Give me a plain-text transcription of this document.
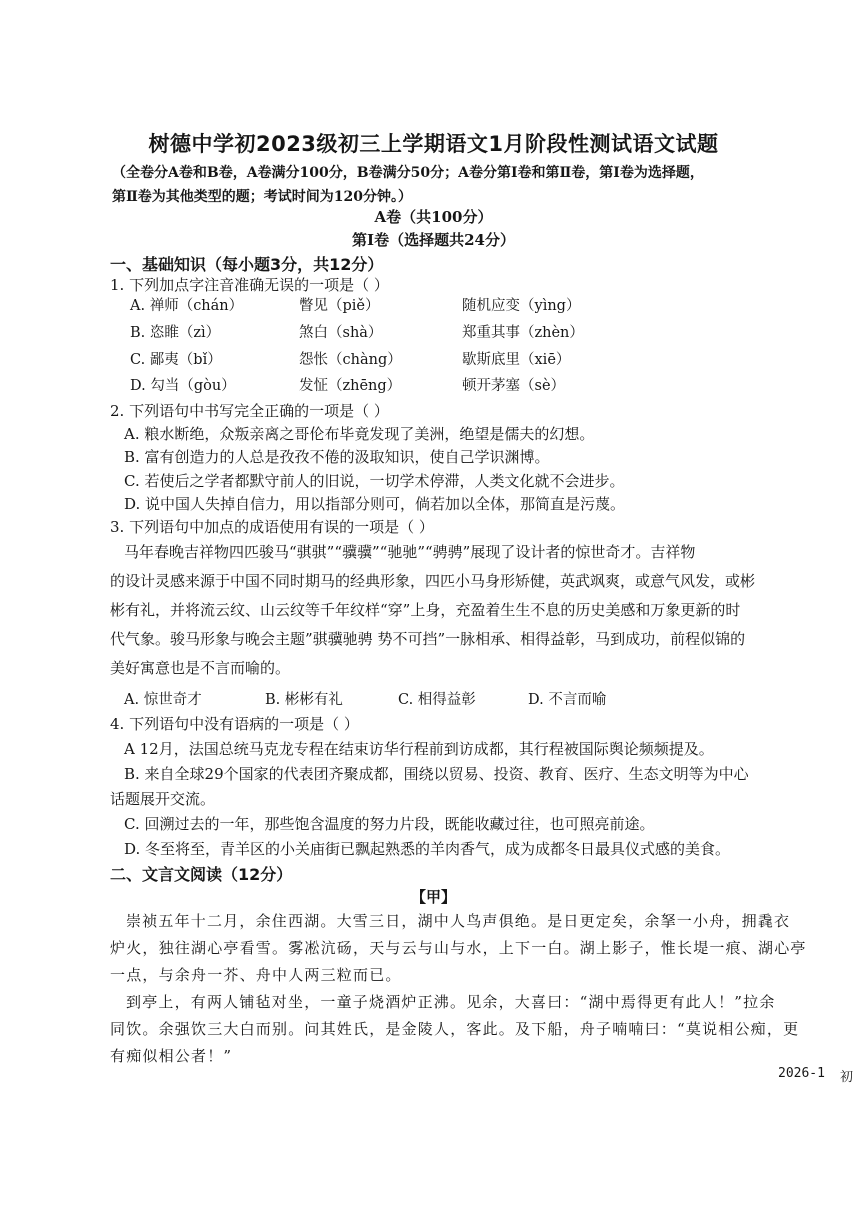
树德中学初2023级初三上学期语文1月阶段性测试语文试题
（全卷分A卷和B卷，A卷满分100分，B卷满分50分；A卷分第Ⅰ卷和第Ⅱ卷，第Ⅰ卷为选择题，
第Ⅱ卷为其他类型的题；考试时间为120分钟。）
A卷（共100分）
第Ⅰ卷（选择题共24分）
一、基础知识（每小题3分，共12分）
1. 下列加点字注音准确无误的一项是（ ）
A. 禅师（chán）	瞥见（piě）	随机应变（yìng）
B. 恣睢（zì）	煞白（shà）	郑重其事（zhèn）
C. 鄙夷（bǐ）	怨怅（chàng）	歇斯底里（xiē）
D. 勾当（gòu）	发怔（zhēng）	顿开茅塞（sè）
2. 下列语句中书写完全正确的一项是（ ）
A. 粮水断绝，众叛亲离之哥伦布毕竟发现了美洲，绝望是儒夫的幻想。
B. 富有创造力的人总是孜孜不倦的汲取知识，使自己学识渊博。
C. 若使后之学者都默守前人的旧说，一切学术停滞，人类文化就不会进步。
D. 说中国人失掉自信力，用以指部分则可，倘若加以全体，那简直是污蔑。
3. 下列语句中加点的成语使用有误的一项是（ ）
马年春晚吉祥物四匹骏马“骐骐”“骥骥”“驰驰”“骋骋”展现了设计者的惊世奇才。吉祥物
的设计灵感来源于中国不同时期马的经典形象，四匹小马身形矫健，英武飒爽，或意气风发，或彬
彬有礼，并将流云纹、山云纹等千年纹样“穿”上身，充盈着生生不息的历史美感和万象更新的时
代气象。骏马形象与晚会主题”骐骥驰骋 势不可挡”一脉相承、相得益彰，马到成功，前程似锦的
美好寓意也是不言而喻的。
A. 惊世奇才	B. 彬彬有礼	C. 相得益彰	D. 不言而喻
4. 下列语句中没有语病的一项是（ ）
A 12月，法国总统马克龙专程在结束访华行程前到访成都，其行程被国际舆论频频提及。
B. 来自全球29个国家的代表团齐聚成都，围绕以贸易、投资、教育、医疗、生态文明等为中心
话题展开交流。
C. 回溯过去的一年，那些饱含温度的努力片段，既能收藏过往，也可照亮前途。
D. 冬至将至，青羊区的小关庙街已飘起熟悉的羊肉香气，成为成都冬日最具仪式感的美食。
二、文言文阅读（12分）
【甲】
崇祯五年十二月，余住西湖。大雪三日，湖中人鸟声俱绝。是日更定矣，余拏一小舟，拥毳衣
炉火，独往湖心亭看雪。雾凇沆砀，天与云与山与水，上下一白。湖上影子，惟长堤一痕、湖心亭
一点，与余舟一芥、舟中人两三粒而已。
到亭上，有两人铺毡对坐，一童子烧酒炉正沸。见余，大喜曰：“湖中焉得更有此人！”拉余
同饮。余强饮三大白而别。问其姓氏，是金陵人，客此。及下船，舟子喃喃曰：“莫说相公痴，更
有痴似相公者！”
2026-1 初
